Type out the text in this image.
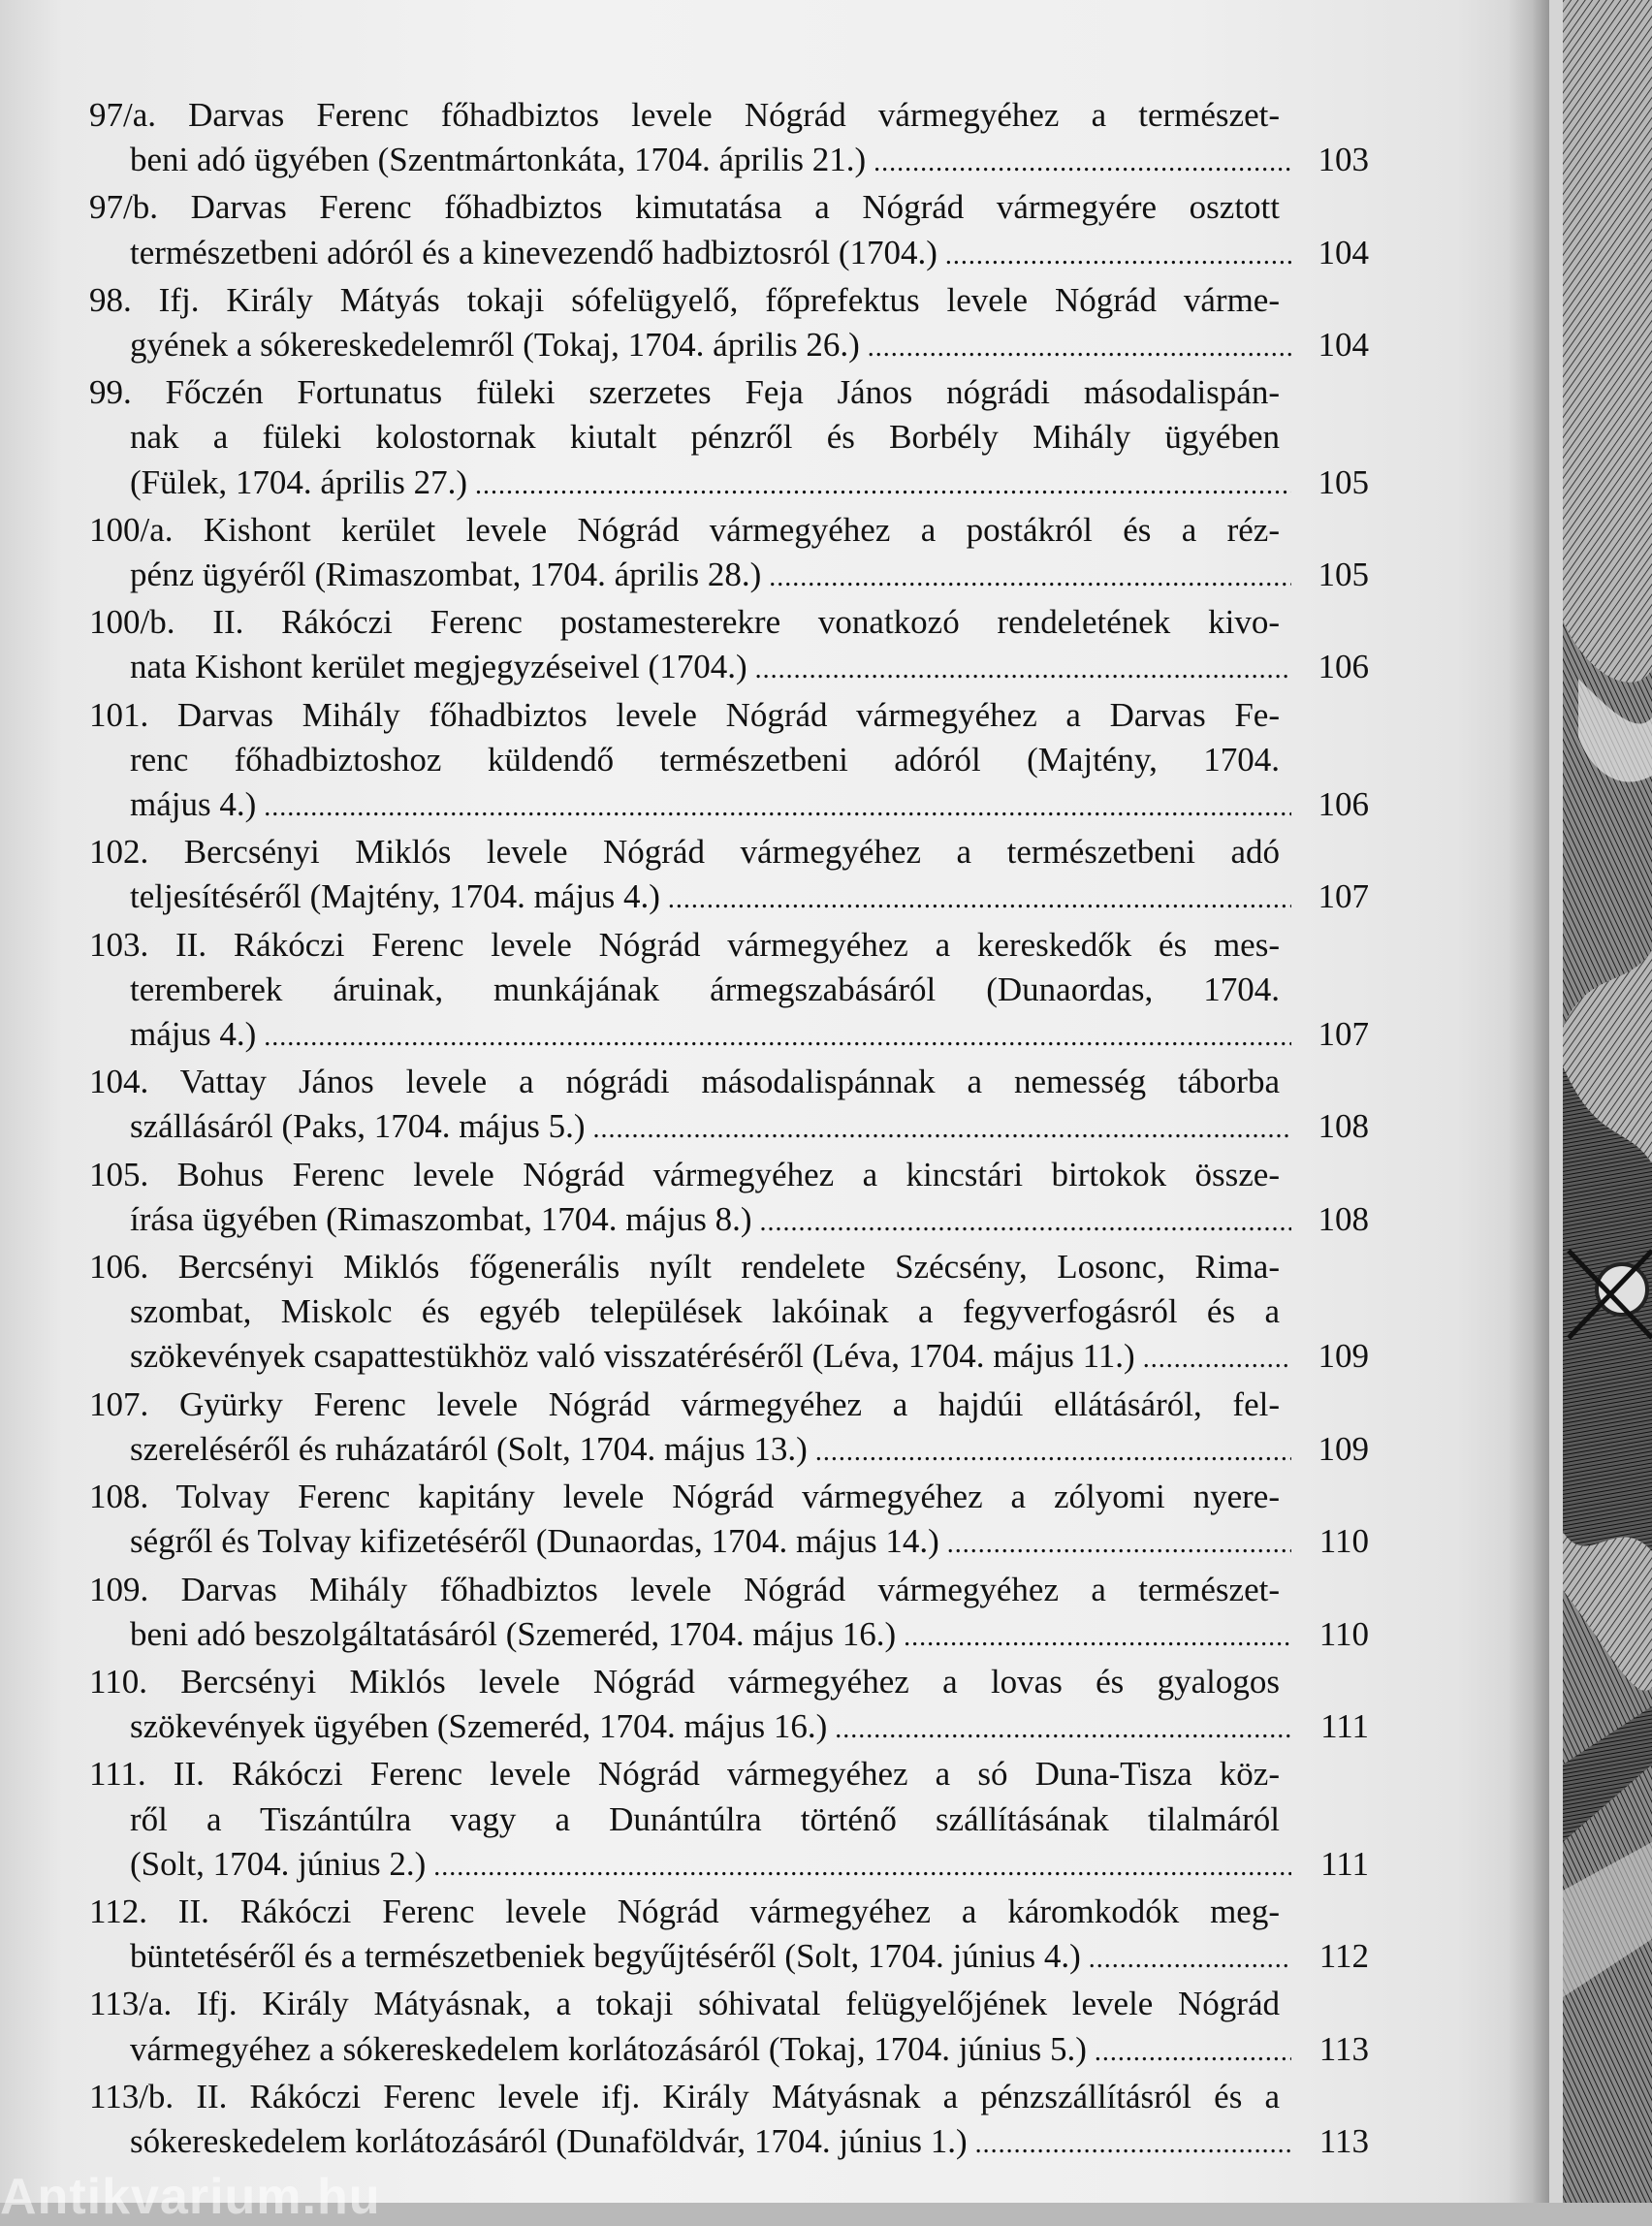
97/a. Darvas Ferenc főhadbiztos levele Nógrád vármegyéhez a természet-
beni adó ügyében (Szentmártonkáta, 1704. április 21.) .....	103
97/b. Darvas Ferenc főhadbiztos kimutatása a Nógrád vármegyére osztott
természetbeni adóról és a kinevezendő hadbiztosról (1704.) .....	104
98. Ifj. Király Mátyás tokaji sófelügyelő, főprefektus levele Nógrád várme-
gyének a sókereskedelemről (Tokaj, 1704. április 26.) .....	104
99. Főczén Fortunatus füleki szerzetes Feja János nógrádi másodalispán-
nak a füleki kolostornak kiutalt pénzről és Borbély Mihály ügyében
(Fülek, 1704. április 27.) .....	105
100/a. Kishont kerület levele Nógrád vármegyéhez a postákról és a réz-
pénz ügyéről (Rimaszombat, 1704. április 28.) .....	105
100/b. II. Rákóczi Ferenc postamesterekre vonatkozó rendeletének kivo-
nata Kishont kerület megjegyzéseivel (1704.) .....	106
101. Darvas Mihály főhadbiztos levele Nógrád vármegyéhez a Darvas Fe-
renc főhadbiztoshoz küldendő természetbeni adóról (Majtény, 1704.
május 4.) .....	106
102. Bercsényi Miklós levele Nógrád vármegyéhez a természetbeni adó
teljesítéséről (Majtény, 1704. május 4.) .....	107
103. II. Rákóczi Ferenc levele Nógrád vármegyéhez a kereskedők és mes-
teremberek áruinak, munkájának ármegszabásáról (Dunaordas, 1704.
május 4.) .....	107
104. Vattay János levele a nógrádi másodalispánnak a nemesség táborba
szállásáról (Paks, 1704. május 5.) .....	108
105. Bohus Ferenc levele Nógrád vármegyéhez a kincstári birtokok össze-
írása ügyében (Rimaszombat, 1704. május 8.) .....	108
106. Bercsényi Miklós főgenerális nyílt rendelete Szécsény, Losonc, Rima-
szombat, Miskolc és egyéb települések lakóinak a fegyverfogásról és a
szökevények csapattestükhöz való visszatéréséről (Léva, 1704. május 11.) .....	109
107. Gyürky Ferenc levele Nógrád vármegyéhez a hajdúi ellátásáról, fel-
szereléséről és ruházatáról (Solt, 1704. május 13.) .....	109
108. Tolvay Ferenc kapitány levele Nógrád vármegyéhez a zólyomi nyere-
ségről és Tolvay kifizetéséről (Dunaordas, 1704. május 14.) .....	110
109. Darvas Mihály főhadbiztos levele Nógrád vármegyéhez a természet-
beni adó beszolgáltatásáról (Szemeréd, 1704. május 16.) .....	110
110. Bercsényi Miklós levele Nógrád vármegyéhez a lovas és gyalogos
szökevények ügyében (Szemeréd, 1704. május 16.) .....	111
111. II. Rákóczi Ferenc levele Nógrád vármegyéhez a só Duna-Tisza köz-
ről a Tiszántúlra vagy a Dunántúlra történő szállításának tilalmáról
(Solt, 1704. június 2.) .....	111
112. II. Rákóczi Ferenc levele Nógrád vármegyéhez a káromkodók meg-
büntetéséről és a természetbeniek begyűjtéséről (Solt, 1704. június 4.) .....	112
113/a. Ifj. Király Mátyásnak, a tokaji sóhivatal felügyelőjének levele Nógrád
vármegyéhez a sókereskedelem korlátozásáról (Tokaj, 1704. június 5.) .....	113
113/b. II. Rákóczi Ferenc levele ifj. Király Mátyásnak a pénzszállításról és a
sókereskedelem korlátozásáról (Dunaföldvár, 1704. június 1.) .....	113
Antikvarium.hu
